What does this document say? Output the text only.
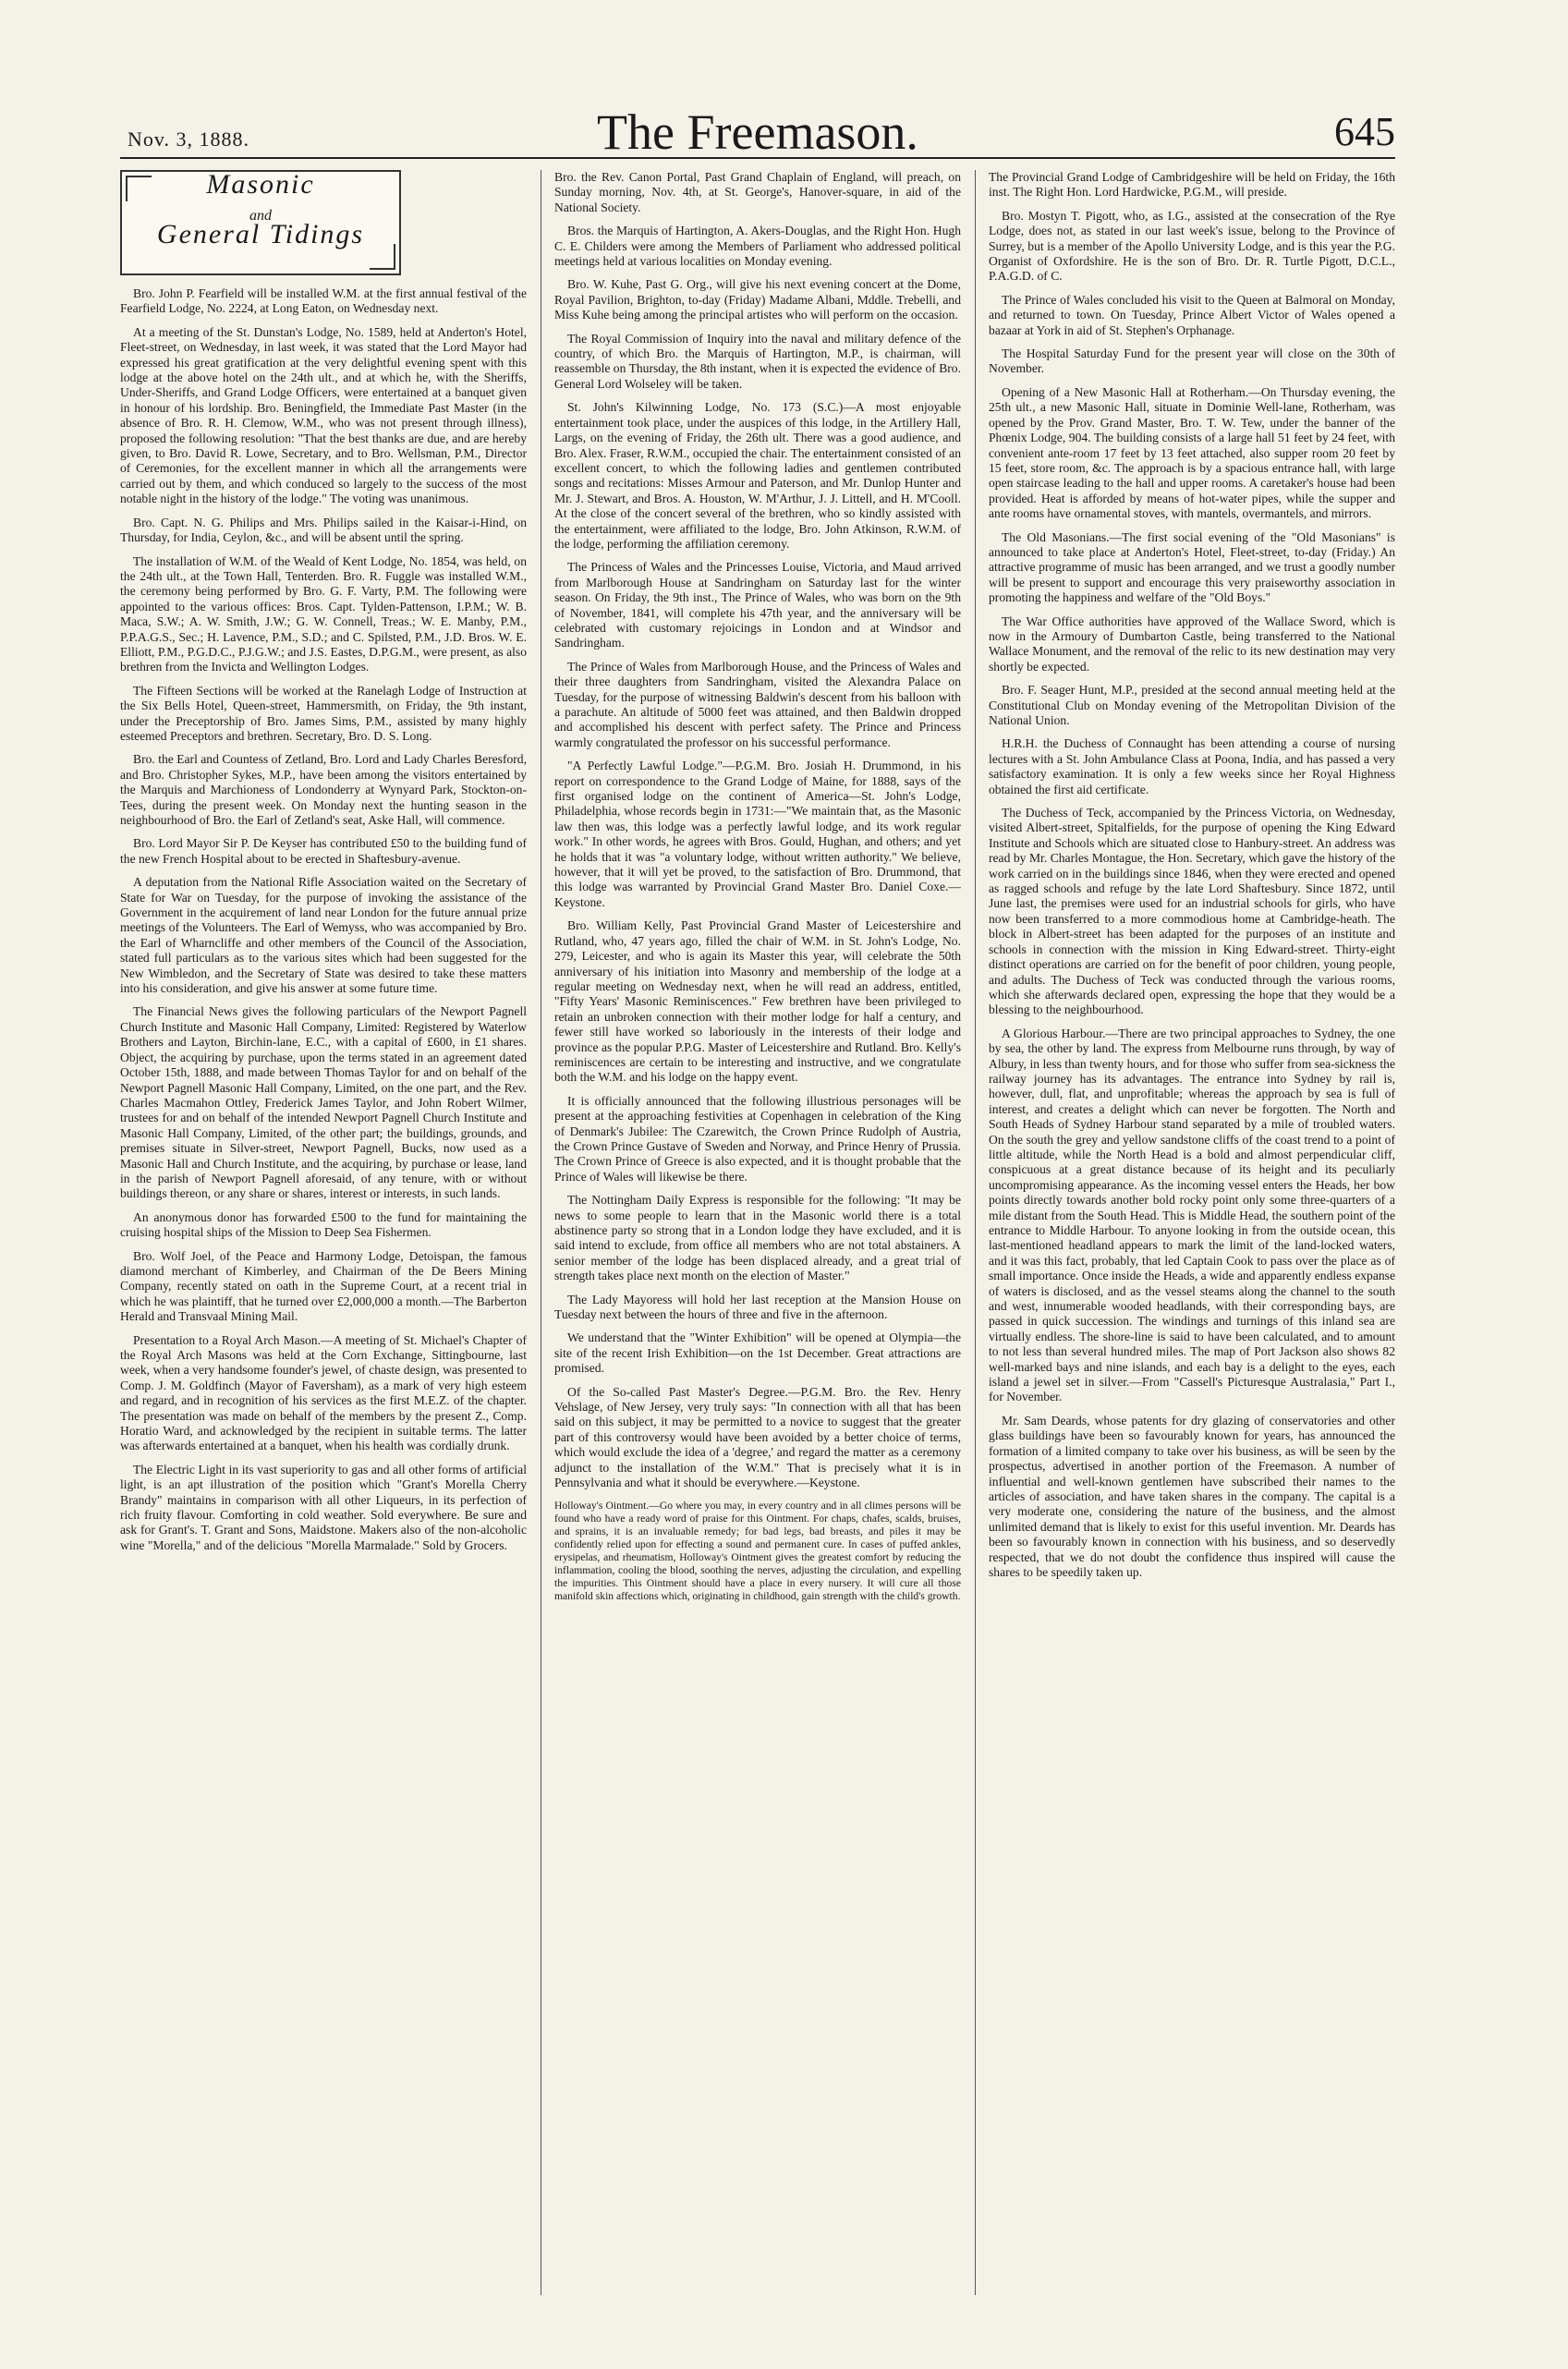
Nov. 3, 1888.	The Freemason.	645
Masonic
and
General Tidings

Bro. John P. Fearfield will be installed W.M. at the first annual festival of the Fearfield Lodge, No. 2224, at Long Eaton, on Wednesday next.

At a meeting of the St. Dunstan's Lodge, No. 1589, held at Anderton's Hotel, Fleet-street, on Wednesday, in last week, it was stated that the Lord Mayor had expressed his great gratification at the very delightful evening spent with this lodge at the above hotel on the 24th ult., and at which he, with the Sheriffs, Under-Sheriffs, and Grand Lodge Officers, were entertained at a banquet given in honour of his lordship. Bro. Beningfield, the Immediate Past Master (in the absence of Bro. R. H. Clemow, W.M., who was not present through illness), proposed the following resolution: "That the best thanks are due, and are hereby given, to Bro. David R. Lowe, Secretary, and to Bro. Wellsman, P.M., Director of Ceremonies, for the excellent manner in which all the arrangements were carried out by them, and which conduced so largely to the success of the most notable night in the history of the lodge." The voting was unanimous.

Bro. Capt. N. G. Philips and Mrs. Philips sailed in the Kaisar-i-Hind, on Thursday, for India, Ceylon, &c., and will be absent until the spring.

The installation of W.M. of the Weald of Kent Lodge, No. 1854, was held, on the 24th ult., at the Town Hall, Tenterden. Bro. R. Fuggle was installed W.M., the ceremony being performed by Bro. G. F. Varty, P.M. The following were appointed to the various offices: Bros. Capt. Tylden-Pattenson, I.P.M.; W. B. Maca, S.W.; A. W. Smith, J.W.; G. W. Connell, Treas.; W. E. Manby, P.M., P.P.A.G.S., Sec.; H. Lavence, P.M., S.D.; and C. Spilsted, P.M., J.D. Bros. W. E. Elliott, P.M., P.G.D.C., P.J.G.W.; and J.S. Eastes, D.P.G.M., were present, as also brethren from the Invicta and Wellington Lodges.

The Fifteen Sections will be worked at the Ranelagh Lodge of Instruction at the Six Bells Hotel, Queen-street, Hammersmith, on Friday, the 9th instant, under the Preceptorship of Bro. James Sims, P.M., assisted by many highly esteemed Preceptors and brethren. Secretary, Bro. D. S. Long.

Bro. the Earl and Countess of Zetland, Bro. Lord and Lady Charles Beresford, and Bro. Christopher Sykes, M.P., have been among the visitors entertained by the Marquis and Marchioness of Londonderry at Wynyard Park, Stockton-on-Tees, during the present week. On Monday next the hunting season in the neighbourhood of Bro. the Earl of Zetland's seat, Aske Hall, will commence.

Bro. Lord Mayor Sir P. De Keyser has contributed £50 to the building fund of the new French Hospital about to be erected in Shaftesbury-avenue.

A deputation from the National Rifle Association waited on the Secretary of State for War on Tuesday, for the purpose of invoking the assistance of the Government in the acquirement of land near London for the future annual prize meetings of the Volunteers. The Earl of Wemyss, who was accompanied by Bro. the Earl of Wharncliffe and other members of the Council of the Association, stated full particulars as to the various sites which had been suggested for the New Wimbledon, and the Secretary of State was desired to take these matters into his consideration, and give his answer at some future time.

The Financial News gives the following particulars of the Newport Pagnell Church Institute and Masonic Hall Company, Limited: Registered by Waterlow Brothers and Layton, Birchin-lane, E.C., with a capital of £600, in £1 shares. Object, the acquiring by purchase, upon the terms stated in an agreement dated October 15th, 1888, and made between Thomas Taylor for and on behalf of the Newport Pagnell Masonic Hall Company, Limited, on the one part, and the Rev. Charles Macmahon Ottley, Frederick James Taylor, and John Robert Wilmer, trustees for and on behalf of the intended Newport Pagnell Church Institute and Masonic Hall Company, Limited, of the other part; the buildings, grounds, and premises situate in Silver-street, Newport Pagnell, Bucks, now used as a Masonic Hall and Church Institute, and the acquiring, by purchase or lease, land in the parish of Newport Pagnell aforesaid, of any tenure, with or without buildings thereon, or any share or shares, interest or interests, in such lands.

An anonymous donor has forwarded £500 to the fund for maintaining the cruising hospital ships of the Mission to Deep Sea Fishermen.

Bro. Wolf Joel, of the Peace and Harmony Lodge, Detoispan, the famous diamond merchant of Kimberley, and Chairman of the De Beers Mining Company, recently stated on oath in the Supreme Court, at a recent trial in which he was plaintiff, that he turned over £2,000,000 a month.—The Barberton Herald and Transvaal Mining Mail.

Presentation to a Royal Arch Mason.—A meeting of St. Michael's Chapter of the Royal Arch Masons was held at the Corn Exchange, Sittingbourne, last week, when a very handsome founder's jewel, of chaste design, was presented to Comp. J. M. Goldfinch (Mayor of Faversham), as a mark of very high esteem and regard, and in recognition of his services as the first M.E.Z. of the chapter. The presentation was made on behalf of the members by the present Z., Comp. Horatio Ward, and acknowledged by the recipient in suitable terms. The latter was afterwards entertained at a banquet, when his health was cordially drunk.

The Electric Light in its vast superiority to gas and all other forms of artificial light, is an apt illustration of the position which "Grant's Morella Cherry Brandy" maintains in comparison with all other Liqueurs, in its perfection of rich fruity flavour. Comforting in cold weather. Sold everywhere. Be sure and ask for Grant's. T. Grant and Sons, Maidstone. Makers also of the non-alcoholic wine "Morella," and of the delicious "Morella Marmalade." Sold by Grocers.

Bro. the Rev. Canon Portal, Past Grand Chaplain of England, will preach, on Sunday morning, Nov. 4th, at St. George's, Hanover-square, in aid of the National Society.

Bros. the Marquis of Hartington, A. Akers-Douglas, and the Right Hon. Hugh C. E. Childers were among the Members of Parliament who addressed political meetings held at various localities on Monday evening.

Bro. W. Kuhe, Past G. Org., will give his next evening concert at the Dome, Royal Pavilion, Brighton, to-day (Friday) Madame Albani, Mddle. Trebelli, and Miss Kuhe being among the principal artistes who will perform on the occasion.

The Royal Commission of Inquiry into the naval and military defence of the country, of which Bro. the Marquis of Hartington, M.P., is chairman, will reassemble on Thursday, the 8th instant, when it is expected the evidence of Bro. General Lord Wolseley will be taken.

St. John's Kilwinning Lodge, No. 173 (S.C.)—A most enjoyable entertainment took place, under the auspices of this lodge, in the Artillery Hall, Largs, on the evening of Friday, the 26th ult. There was a good audience, and Bro. Alex. Fraser, R.W.M., occupied the chair. The entertainment consisted of an excellent concert, to which the following ladies and gentlemen contributed songs and recitations: Misses Armour and Paterson, and Mr. Dunlop Hunter and Mr. J. Stewart, and Bros. A. Houston, W. M'Arthur, J. J. Littell, and H. M'Cooll. At the close of the concert several of the brethren, who so kindly assisted with the entertainment, were affiliated to the lodge, Bro. John Atkinson, R.W.M. of the lodge, performing the affiliation ceremony.

The Princess of Wales and the Princesses Louise, Victoria, and Maud arrived from Marlborough House at Sandringham on Saturday last for the winter season. On Friday, the 9th inst., The Prince of Wales, who was born on the 9th of November, 1841, will complete his 47th year, and the anniversary will be celebrated with customary rejoicings in London and at Windsor and Sandringham.

The Prince of Wales from Marlborough House, and the Princess of Wales and their three daughters from Sandringham, visited the Alexandra Palace on Tuesday, for the purpose of witnessing Baldwin's descent from his balloon with a parachute. An altitude of 5000 feet was attained, and then Baldwin dropped and accomplished his descent with perfect safety. The Prince and Princess warmly congratulated the professor on his successful performance.

"A Perfectly Lawful Lodge."—P.G.M. Bro. Josiah H. Drummond, in his report on correspondence to the Grand Lodge of Maine, for 1888, says of the first organised lodge on the continent of America—St. John's Lodge, Philadelphia, whose records begin in 1731:—"We maintain that, as the Masonic law then was, this lodge was a perfectly lawful lodge, and its work regular work." In other words, he agrees with Bros. Gould, Hughan, and others; and yet he holds that it was "a voluntary lodge, without written authority." We believe, however, that it will yet be proved, to the satisfaction of Bro. Drummond, that this lodge was warranted by Provincial Grand Master Bro. Daniel Coxe.—Keystone.

Bro. William Kelly, Past Provincial Grand Master of Leicestershire and Rutland, who, 47 years ago, filled the chair of W.M. in St. John's Lodge, No. 279, Leicester, and who is again its Master this year, will celebrate the 50th anniversary of his initiation into Masonry and membership of the lodge at a regular meeting on Wednesday next, when he will read an address, entitled, "Fifty Years' Masonic Reminiscences." Few brethren have been privileged to retain an unbroken connection with their mother lodge for half a century, and fewer still have worked so laboriously in the interests of their lodge and province as the popular P.P.G. Master of Leicestershire and Rutland. Bro. Kelly's reminiscences are certain to be interesting and instructive, and we congratulate both the W.M. and his lodge on the happy event.

It is officially announced that the following illustrious personages will be present at the approaching festivities at Copenhagen in celebration of the King of Denmark's Jubilee: The Czarewitch, the Crown Prince Rudolph of Austria, the Crown Prince Gustave of Sweden and Norway, and Prince Henry of Prussia. The Crown Prince of Greece is also expected, and it is thought probable that the Prince of Wales will likewise be there.

The Nottingham Daily Express is responsible for the following: "It may be news to some people to learn that in the Masonic world there is a total abstinence party so strong that in a London lodge they have excluded, and it is said intend to exclude, from office all members who are not total abstainers. A senior member of the lodge has been displaced already, and a great trial of strength takes place next month on the election of Master."

The Lady Mayoress will hold her last reception at the Mansion House on Tuesday next between the hours of three and five in the afternoon.

We understand that the "Winter Exhibition" will be opened at Olympia—the site of the recent Irish Exhibition—on the 1st December. Great attractions are promised.

Of the So-called Past Master's Degree.—P.G.M. Bro. the Rev. Henry Vehslage, of New Jersey, very truly says: "In connection with all that has been said on this subject, it may be permitted to a novice to suggest that the greater part of this controversy would have been avoided by a better choice of terms, which would exclude the idea of a 'degree,' and regard the matter as a ceremony adjunct to the installation of the W.M." That is precisely what it is in Pennsylvania and what it should be everywhere.—Keystone.

Holloway's Ointment.—Go where you may, in every country and in all climes persons will be found who have a ready word of praise for this Ointment. For chaps, chafes, scalds, bruises, and sprains, it is an invaluable remedy; for bad legs, bad breasts, and piles it may be confidently relied upon for effecting a sound and permanent cure. In cases of puffed ankles, erysipelas, and rheumatism, Holloway's Ointment gives the greatest comfort by reducing the inflammation, cooling the blood, soothing the nerves, adjusting the circulation, and expelling the impurities. This Ointment should have a place in every nursery. It will cure all those manifold skin affections which, originating in childhood, gain strength with the child's growth.

The Provincial Grand Lodge of Cambridgeshire will be held on Friday, the 16th inst. The Right Hon. Lord Hardwicke, P.G.M., will preside.

Bro. Mostyn T. Pigott, who, as I.G., assisted at the consecration of the Rye Lodge, does not, as stated in our last week's issue, belong to the Province of Surrey, but is a member of the Apollo University Lodge, and is this year the P.G. Organist of Oxfordshire. He is the son of Bro. Dr. R. Turtle Pigott, D.C.L., P.A.G.D. of C.

The Prince of Wales concluded his visit to the Queen at Balmoral on Monday, and returned to town. On Tuesday, Prince Albert Victor of Wales opened a bazaar at York in aid of St. Stephen's Orphanage.

The Hospital Saturday Fund for the present year will close on the 30th of November.

Opening of a New Masonic Hall at Rotherham.—On Thursday evening, the 25th ult., a new Masonic Hall, situate in Dominie Well-lane, Rotherham, was opened by the Prov. Grand Master, Bro. T. W. Tew, under the banner of the Phœnix Lodge, 904. The building consists of a large hall 51 feet by 24 feet, with convenient ante-room 17 feet by 13 feet attached, also supper room 20 feet by 15 feet, store room, &c. The approach is by a spacious entrance hall, with large open staircase leading to the hall and upper rooms. A caretaker's house had been provided. Heat is afforded by means of hot-water pipes, while the supper and ante rooms have ornamental stoves, with mantels, overmantels, and mirrors.

The Old Masonians.—The first social evening of the "Old Masonians" is announced to take place at Anderton's Hotel, Fleet-street, to-day (Friday.) An attractive programme of music has been arranged, and we trust a goodly number will be present to support and encourage this very praiseworthy association in promoting the happiness and welfare of the "Old Boys."

The War Office authorities have approved of the Wallace Sword, which is now in the Armoury of Dumbarton Castle, being transferred to the National Wallace Monument, and the removal of the relic to its new destination may very shortly be expected.

Bro. F. Seager Hunt, M.P., presided at the second annual meeting held at the Constitutional Club on Monday evening of the Metropolitan Division of the National Union.

H.R.H. the Duchess of Connaught has been attending a course of nursing lectures with a St. John Ambulance Class at Poona, India, and has passed a very satisfactory examination. It is only a few weeks since her Royal Highness obtained the first aid certificate.

The Duchess of Teck, accompanied by the Princess Victoria, on Wednesday, visited Albert-street, Spitalfields, for the purpose of opening the King Edward Institute and Schools which are situated close to Hanbury-street. An address was read by Mr. Charles Montague, the Hon. Secretary, which gave the history of the work carried on in the buildings since 1846, when they were erected and opened as ragged schools and refuge by the late Lord Shaftesbury. Since 1872, until June last, the premises were used for an industrial schools for girls, who have now been transferred to a more commodious home at Cambridge-heath. The block in Albert-street has been adapted for the purposes of an institute and schools in connection with the mission in King Edward-street. Thirty-eight distinct operations are carried on for the benefit of poor children, young people, and adults. The Duchess of Teck was conducted through the various rooms, which she afterwards declared open, expressing the hope that they would be a blessing to the neighbourhood.

A Glorious Harbour.—There are two principal approaches to Sydney, the one by sea, the other by land. The express from Melbourne runs through, by way of Albury, in less than twenty hours, and for those who suffer from sea-sickness the railway journey has its advantages. The entrance into Sydney by rail is, however, dull, flat, and unprofitable; whereas the approach by sea is full of interest, and creates a delight which can never be forgotten. The North and South Heads of Sydney Harbour stand separated by a mile of troubled waters. On the south the grey and yellow sandstone cliffs of the coast trend to a point of little altitude, while the North Head is a bold and almost perpendicular cliff, conspicuous at a great distance because of its height and its peculiarly uncompromising appearance. As the incoming vessel enters the Heads, her bow points directly towards another bold rocky point only some three-quarters of a mile distant from the South Head. This is Middle Head, the southern point of the entrance to Middle Harbour. To anyone looking in from the outside ocean, this last-mentioned headland appears to mark the limit of the land-locked waters, and it was this fact, probably, that led Captain Cook to pass over the place as of small importance. Once inside the Heads, a wide and apparently endless expanse of waters is disclosed, and as the vessel steams along the channel to the south and west, innumerable wooded headlands, with their corresponding bays, are passed in quick succession. The windings and turnings of this inland sea are virtually endless. The shore-line is said to have been calculated, and to amount to not less than several hundred miles. The map of Port Jackson also shows 82 well-marked bays and nine islands, and each bay is a delight to the eyes, each island a jewel set in silver.—From "Cassell's Picturesque Australasia," Part I., for November.

Mr. Sam Deards, whose patents for dry glazing of conservatories and other glass buildings have been so favourably known for years, has announced the formation of a limited company to take over his business, as will be seen by the prospectus, advertised in another portion of the Freemason. A number of influential and well-known gentlemen have subscribed their names to the articles of association, and have taken shares in the company. The capital is a very moderate one, considering the nature of the business, and the almost unlimited demand that is likely to exist for this useful invention. Mr. Deards has been so favourably known in connection with his business, and so deservedly respected, that we do not doubt the confidence thus inspired will cause the shares to be speedily taken up.
